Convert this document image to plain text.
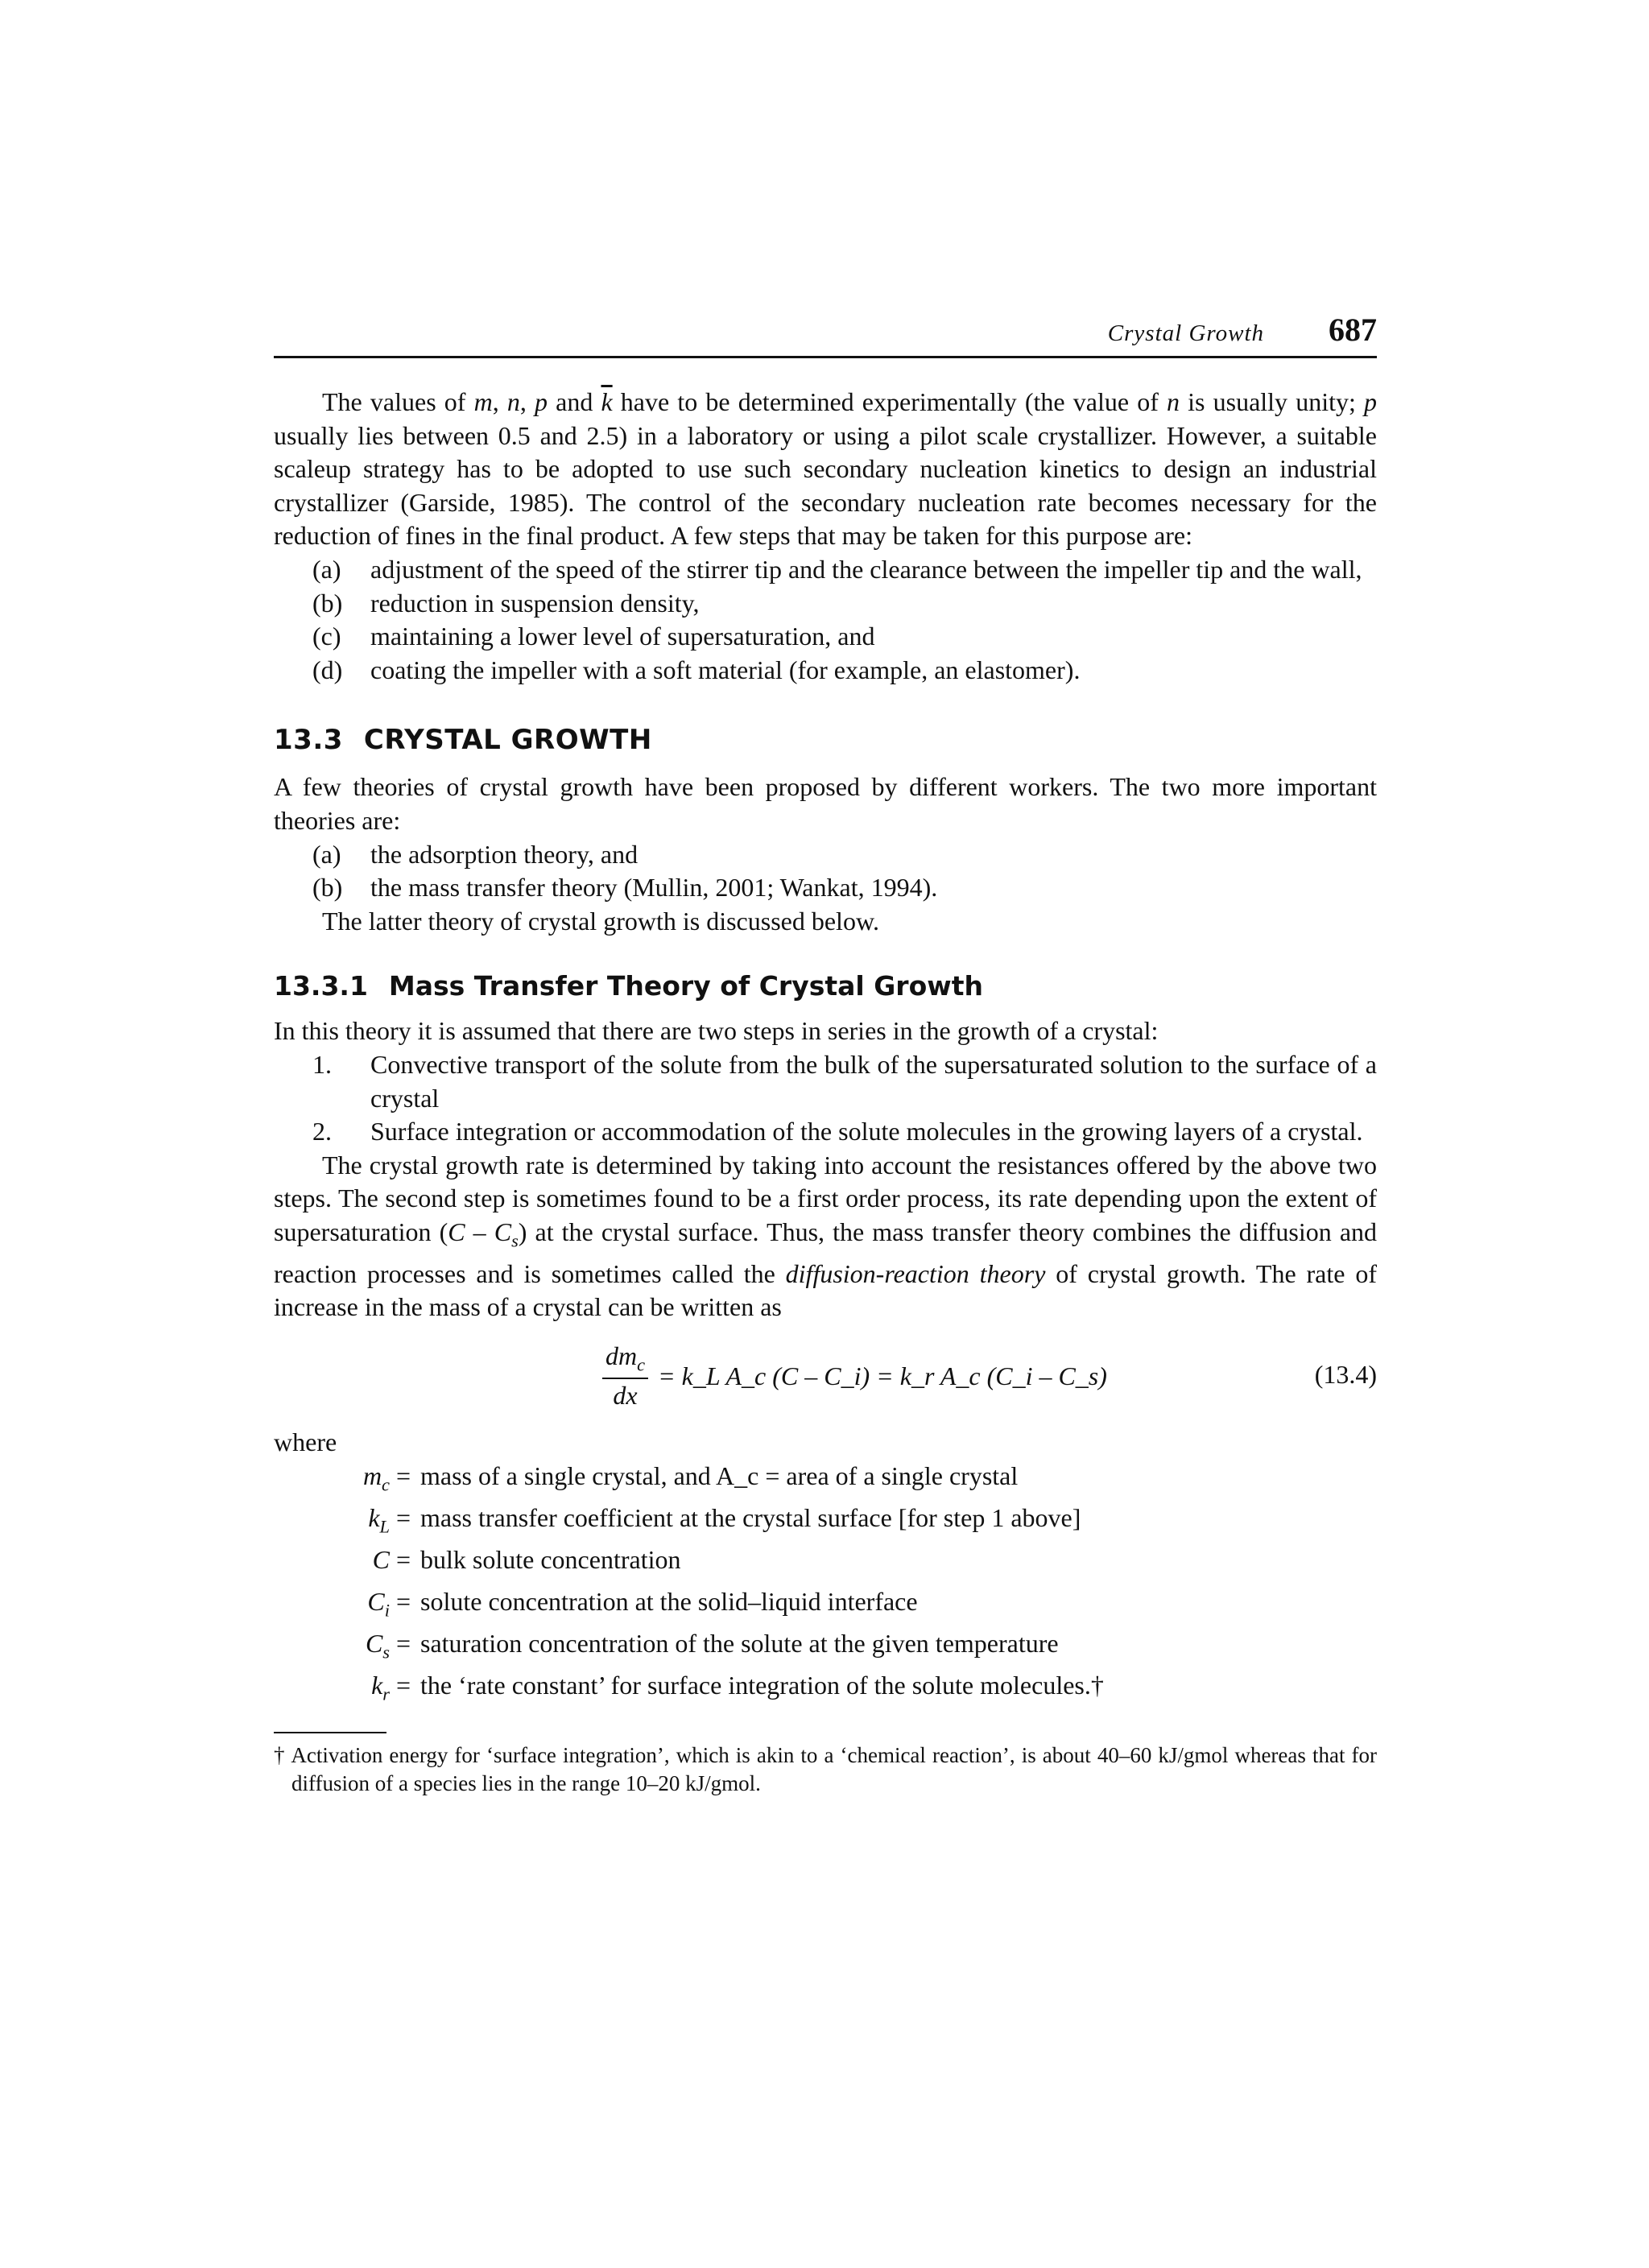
Crystal Growth 687

The values of m, n, p and $\overline{k}$ have to be determined experimentally (the value of n is usually unity; p usually lies between 0.5 and 2.5) in a laboratory or using a pilot scale crystallizer. However, a suitable scaleup strategy has to be adopted to use such secondary nucleation kinetics to design an industrial crystallizer (Garside, 1985). The control of the secondary nucleation rate becomes necessary for the reduction of fines in the final product. A few steps that may be taken for this purpose are:

(a) adjustment of the speed of the stirrer tip and the clearance between the impeller tip and the wall,
(b) reduction in suspension density,
(c) maintaining a lower level of supersaturation, and
(d) coating the impeller with a soft material (for example, an elastomer).
13.3 CRYSTAL GROWTH

A few theories of crystal growth have been proposed by different workers. The two more important theories are:

(a) the adsorption theory, and
(b) the mass transfer theory (Mullin, 2001; Wankat, 1994).

The latter theory of crystal growth is discussed below.

13.3.1 Mass Transfer Theory of Crystal Growth

In this theory it is assumed that there are two steps in series in the growth of a crystal:

1. Convective transport of the solute from the bulk of the supersaturated solution to the surface of a crystal
2. Surface integration or accommodation of the solute molecules in the growing layers of a crystal.

The crystal growth rate is determined by taking into account the resistances offered by the above two steps. The second step is sometimes found to be a first order process, its rate depending upon the extent of supersaturation $(C - C_s)$ at the crystal surface. Thus, the mass transfer theory combines the diffusion and reaction processes and is sometimes called the diffusion-reaction theory of crystal growth. The rate of increase in the mass of a crystal can be written as

$\frac{dm_c}{dx}$ = k_L A_c (C – C_i) = k_r A_c (C_i – C_s)	(13.4)

where

$m_c$ = mass of a single crystal, and A_c = area of a single crystal
$k_L$ = mass transfer coefficient at the crystal surface [for step 1 above]
C = bulk solute concentration
$C_i$ = solute concentration at the solid–liquid interface
$C_s$ = saturation concentration of the solute at the given temperature
$k_r$ = the ‘rate constant’ for surface integration of the solute molecules.†

† Activation energy for ‘surface integration’, which is akin to a ‘chemical reaction’, is about 40–60 kJ/gmol whereas that for diffusion of a species lies in the range 10–20 kJ/gmol.
